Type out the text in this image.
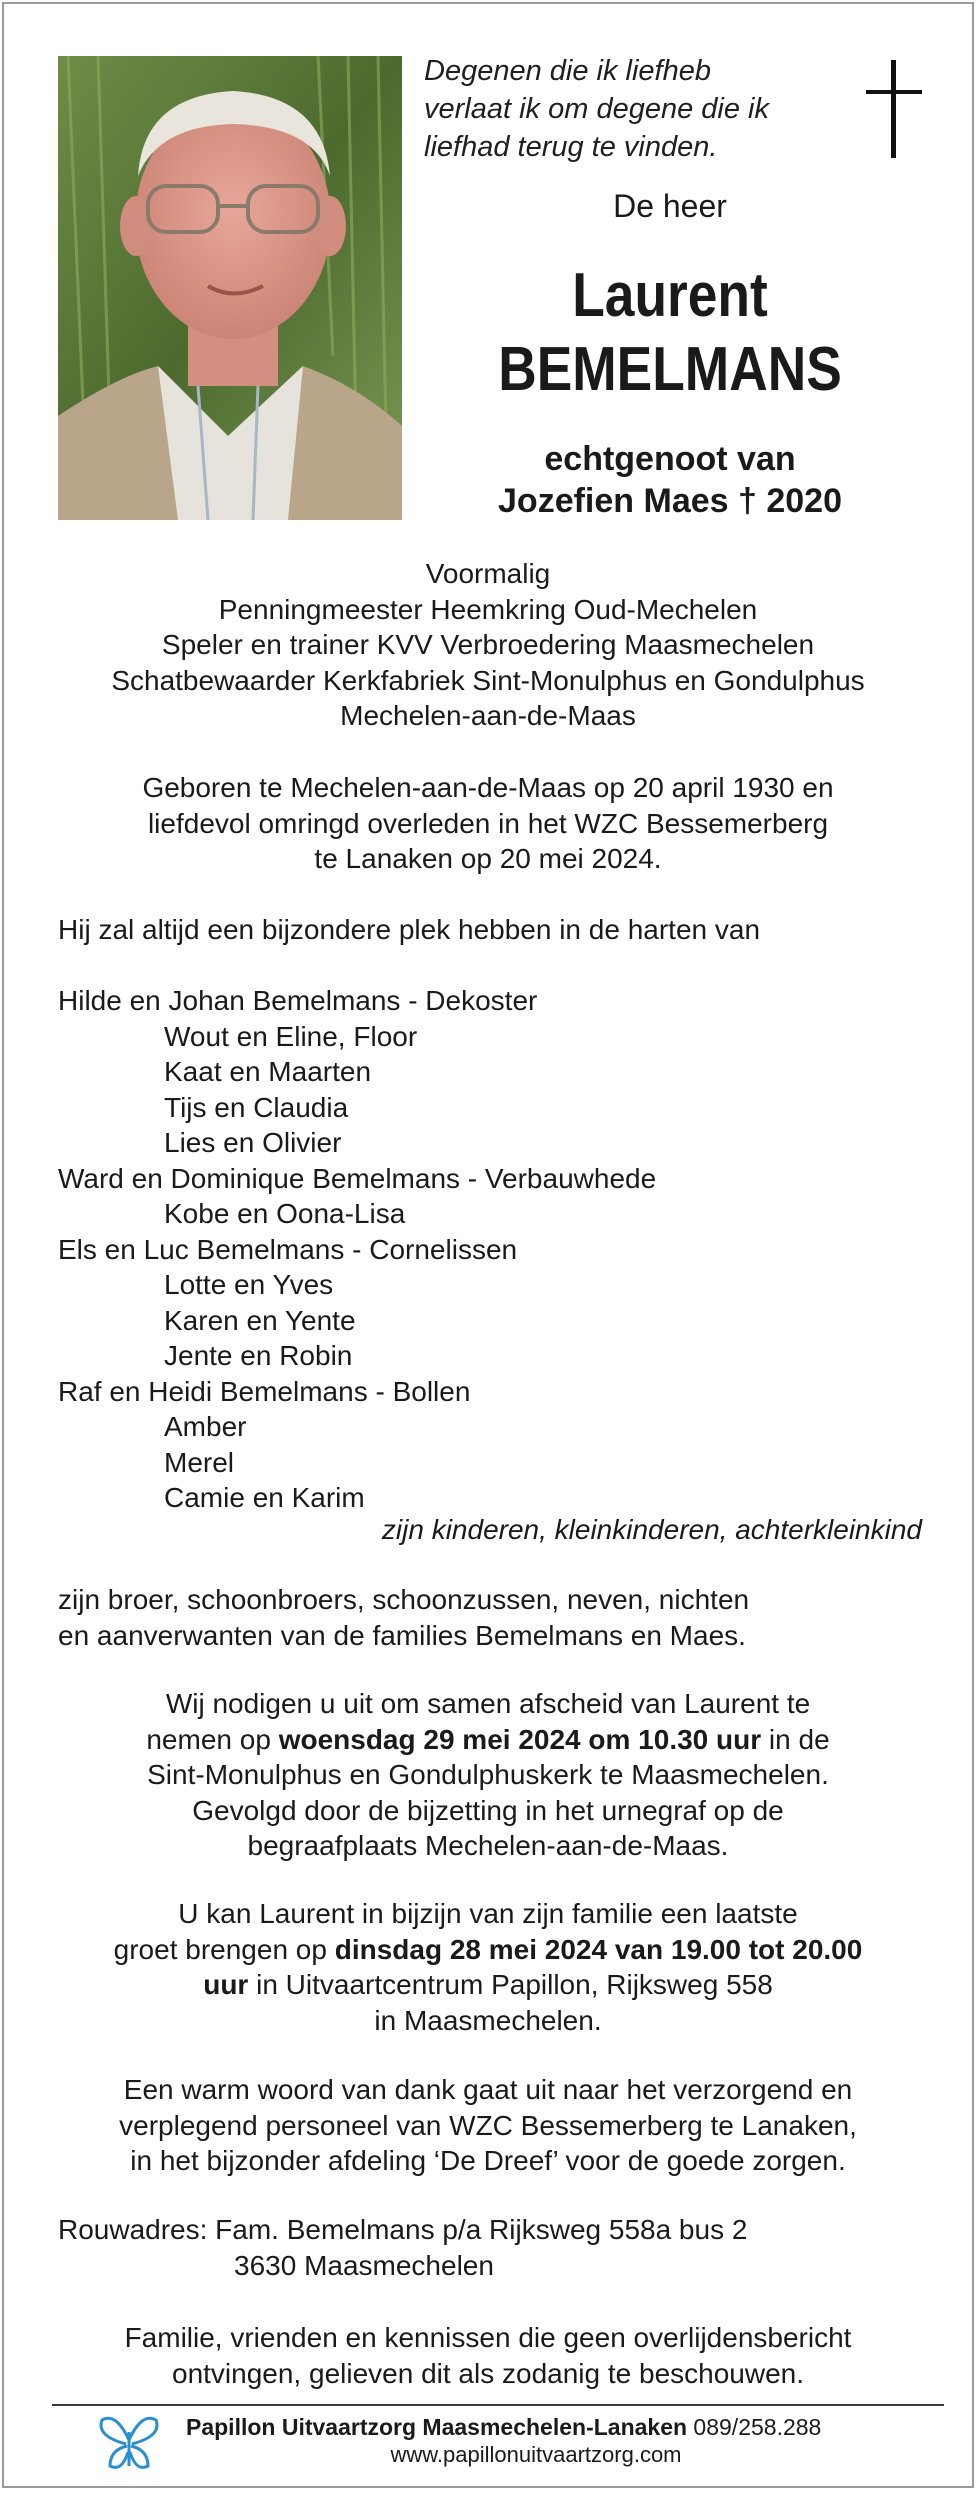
Degenen die ik liefheb
verlaat ik om degene die ik
liefhad terug te vinden.
De heer
Laurent
BEMELMANS
echtgenoot van
Jozefien Maes † 2020
Voormalig
Penningmeester Heemkring Oud-Mechelen
Speler en trainer KVV Verbroedering Maasmechelen
Schatbewaarder Kerkfabriek Sint-Monulphus en Gondulphus
Mechelen-aan-de-Maas
Geboren te Mechelen-aan-de-Maas op 20 april 1930 en
liefdevol omringd overleden in het WZC Bessemerberg
te Lanaken op 20 mei 2024.
Hij zal altijd een bijzondere plek hebben in de harten van
Hilde en Johan Bemelmans - Dekoster
Wout en Eline, Floor
Kaat en Maarten
Tijs en Claudia
Lies en Olivier
Ward en Dominique Bemelmans - Verbauwhede
Kobe en Oona-Lisa
Els en Luc Bemelmans - Cornelissen
Lotte en Yves
Karen en Yente
Jente en Robin
Raf en Heidi Bemelmans - Bollen
Amber
Merel
Camie en Karim
zijn kinderen, kleinkinderen, achterkleinkind
zijn broer, schoonbroers, schoonzussen, neven, nichten
en aanverwanten van de families Bemelmans en Maes.
Wij nodigen u uit om samen afscheid van Laurent te
nemen op woensdag 29 mei 2024 om 10.30 uur in de
Sint-Monulphus en Gondulphuskerk te Maasmechelen.
Gevolgd door de bijzetting in het urnegraf op de
begraafplaats Mechelen-aan-de-Maas.
U kan Laurent in bijzijn van zijn familie een laatste
groet brengen op dinsdag 28 mei 2024 van 19.00 tot 20.00
uur in Uitvaartcentrum Papillon, Rijksweg 558
in Maasmechelen.
Een warm woord van dank gaat uit naar het verzorgend en
verplegend personeel van WZC Bessemerberg te Lanaken,
in het bijzonder afdeling ‘De Dreef’ voor de goede zorgen.
Rouwadres: Fam. Bemelmans p/a Rijksweg 558a bus 2
3630 Maasmechelen
Familie, vrienden en kennissen die geen overlijdensbericht
ontvingen, gelieven dit als zodanig te beschouwen.
Papillon Uitvaartzorg Maasmechelen-Lanaken 089/258.288
www.papillonuitvaartzorg.com
